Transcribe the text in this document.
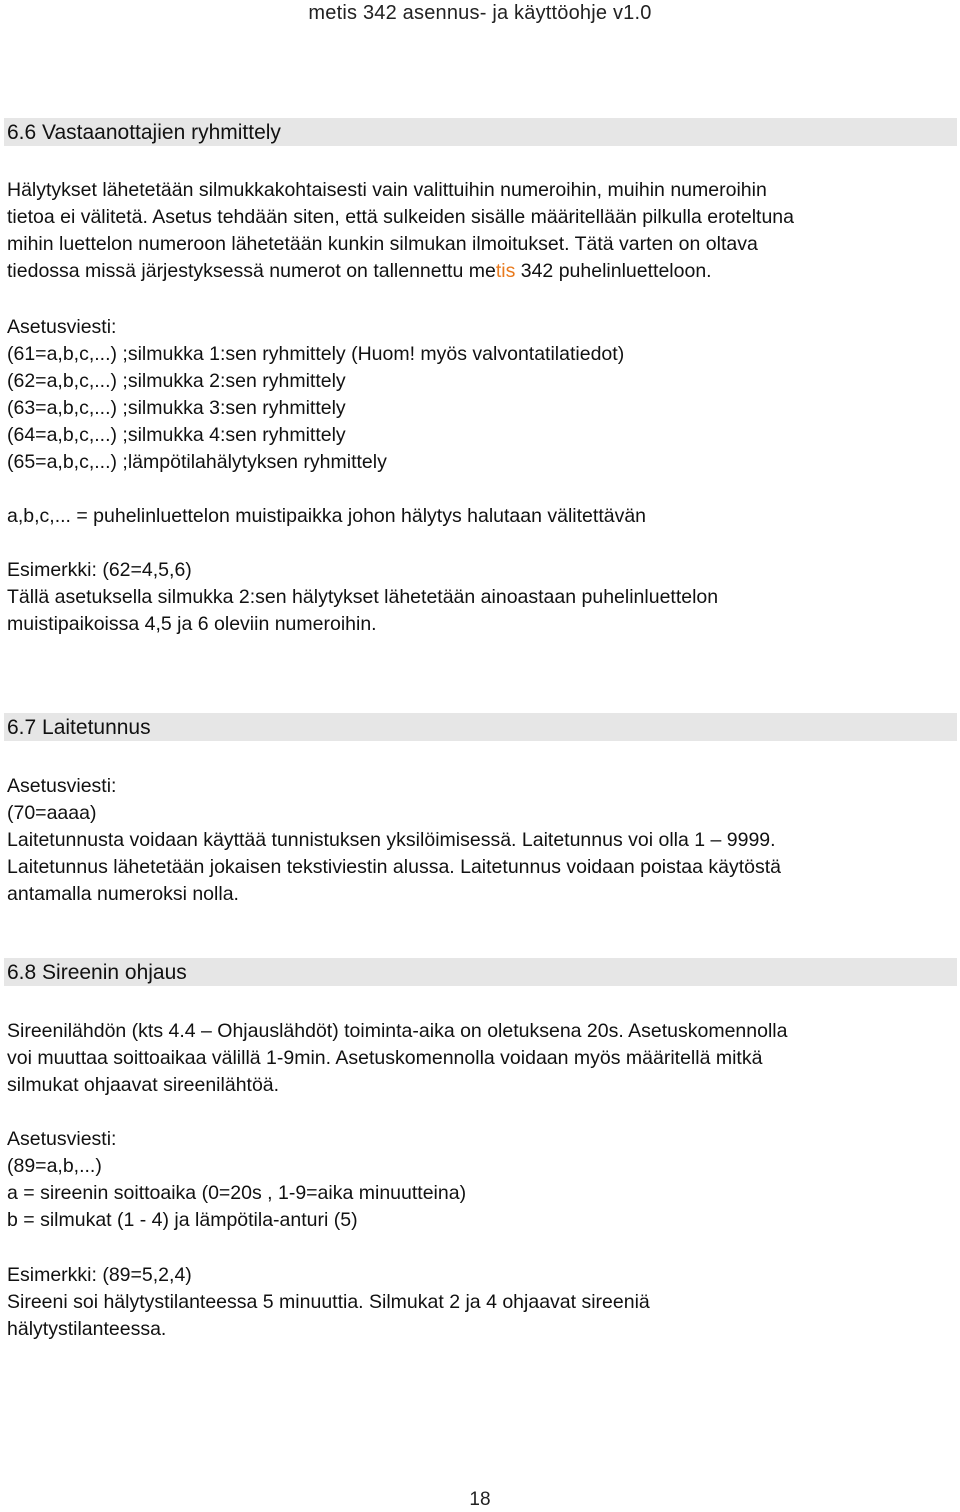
metis 342 asennus- ja käyttöohje v1.0
6.6 Vastaanottajien ryhmittely
Hälytykset lähetetään silmukkakohtaisesti vain valittuihin numeroihin, muihin numeroihin
tietoa ei välitetä. Asetus tehdään siten, että sulkeiden sisälle määritellään pilkulla eroteltuna
mihin luettelon numeroon lähetetään kunkin silmukan ilmoitukset. Tätä varten on oltava
tiedossa missä järjestyksessä numerot on tallennettu metis 342 puhelinluetteloon.
Asetusviesti:
(61=a,b,c,...) ;silmukka 1:sen ryhmittely (Huom! myös valvontatilatiedot)
(62=a,b,c,...) ;silmukka 2:sen ryhmittely
(63=a,b,c,...) ;silmukka 3:sen ryhmittely
(64=a,b,c,...) ;silmukka 4:sen ryhmittely
(65=a,b,c,...) ;lämpötilahälytyksen ryhmittely
a,b,c,... = puhelinluettelon muistipaikka johon hälytys halutaan välitettävän
Esimerkki: (62=4,5,6)
Tällä asetuksella silmukka 2:sen hälytykset lähetetään ainoastaan puhelinluettelon
muistipaikoissa 4,5 ja 6 oleviin numeroihin.
6.7 Laitetunnus
Asetusviesti:
(70=aaaa)
Laitetunnusta voidaan käyttää tunnistuksen yksilöimisessä. Laitetunnus voi olla 1 – 9999.
Laitetunnus lähetetään jokaisen tekstiviestin alussa. Laitetunnus voidaan poistaa käytöstä
antamalla numeroksi nolla.
6.8 Sireenin ohjaus
Sireenilähdön (kts 4.4 – Ohjauslähdöt) toiminta-aika on oletuksena 20s. Asetuskomennolla
voi muuttaa soittoaikaa välillä 1-9min. Asetuskomennolla voidaan myös määritellä mitkä
silmukat ohjaavat sireenilähtöä.
Asetusviesti:
(89=a,b,...)
a = sireenin soittoaika (0=20s , 1-9=aika minuutteina)
b = silmukat (1 - 4) ja lämpötila-anturi (5)
Esimerkki: (89=5,2,4)
Sireeni soi hälytystilanteessa 5 minuuttia. Silmukat 2 ja 4 ohjaavat sireeniä
hälytystilanteessa.
18
